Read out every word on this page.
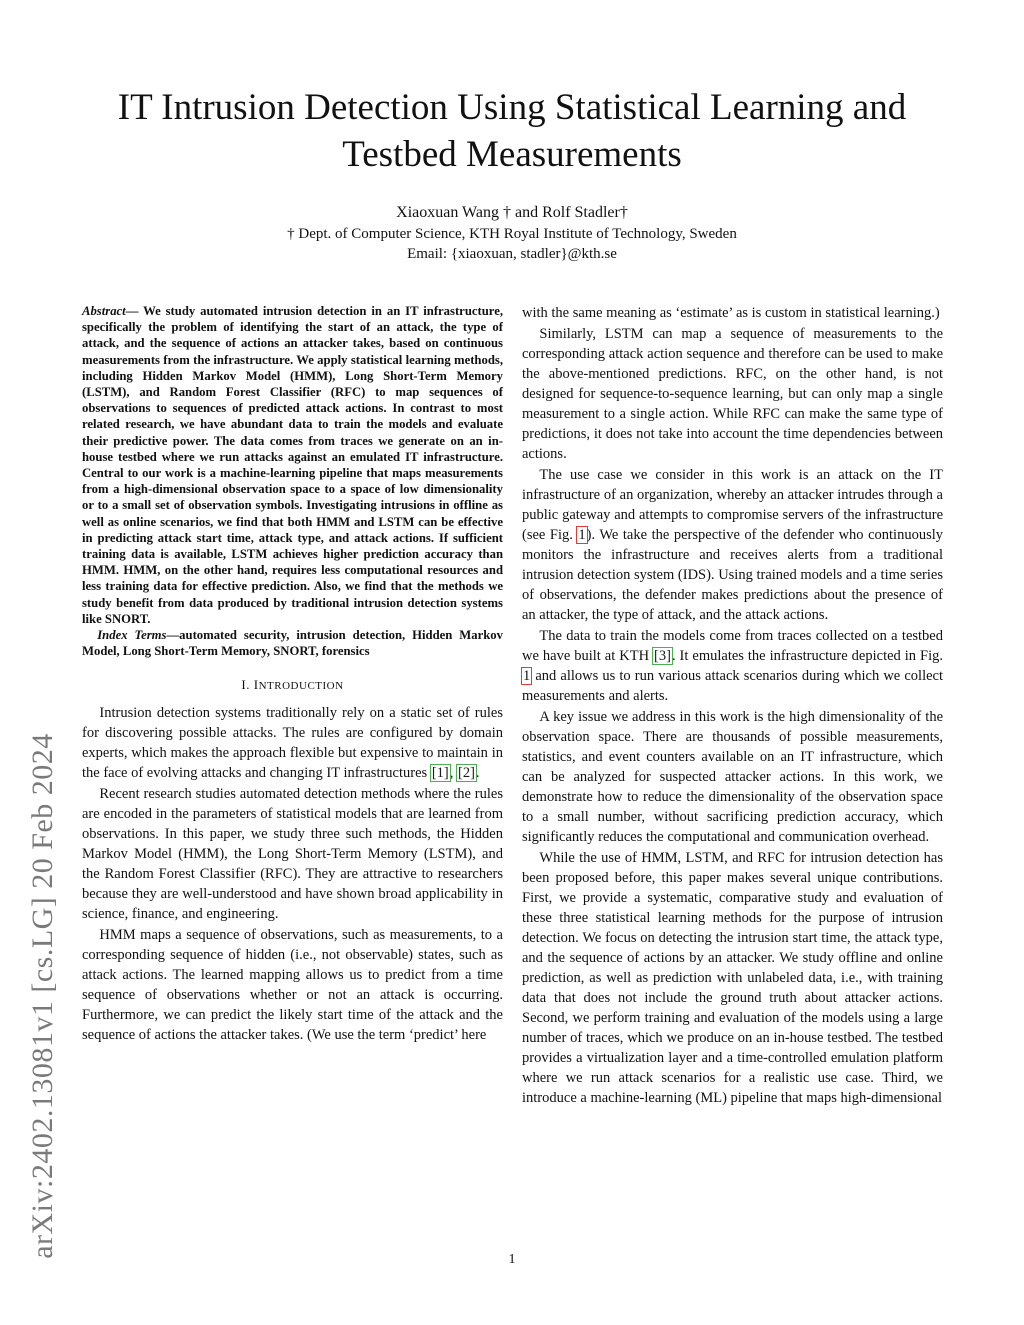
arXiv:2402.13081v1 [cs.LG] 20 Feb 2024
IT Intrusion Detection Using Statistical Learning and Testbed Measurements
Xiaoxuan Wang † and Rolf Stadler†
† Dept. of Computer Science, KTH Royal Institute of Technology, Sweden
Email: {xiaoxuan, stadler}@kth.se

Abstract— We study automated intrusion detection in an IT infrastructure, specifically the problem of identifying the start of an attack, the type of attack, and the sequence of actions an attacker takes, based on continuous measurements from the infrastructure. We apply statistical learning methods, including Hidden Markov Model (HMM), Long Short-Term Memory (LSTM), and Random Forest Classifier (RFC) to map sequences of observations to sequences of predicted attack actions. In contrast to most related research, we have abundant data to train the models and evaluate their predictive power. The data comes from traces we generate on an in-house testbed where we run attacks against an emulated IT infrastructure. Central to our work is a machine-learning pipeline that maps measurements from a high-dimensional observation space to a space of low dimensionality or to a small set of observation symbols. Investigating intrusions in offline as well as online scenarios, we find that both HMM and LSTM can be effective in predicting attack start time, attack type, and attack actions. If sufficient training data is available, LSTM achieves higher prediction accuracy than HMM. HMM, on the other hand, requires less computational resources and less training data for effective prediction. Also, we find that the methods we study benefit from data produced by traditional intrusion detection systems like SNORT.

Index Terms—automated security, intrusion detection, Hidden Markov Model, Long Short-Term Memory, SNORT, forensics

I. INTRODUCTION

Intrusion detection systems traditionally rely on a static set of rules for discovering possible attacks. The rules are configured by domain experts, which makes the approach flexible but expensive to maintain in the face of evolving attacks and changing IT infrastructures [1], [2].

Recent research studies automated detection methods where the rules are encoded in the parameters of statistical models that are learned from observations. In this paper, we study three such methods, the Hidden Markov Model (HMM), the Long Short-Term Memory (LSTM), and the Random Forest Classifier (RFC). They are attractive to researchers because they are well-understood and have shown broad applicability in science, finance, and engineering.

HMM maps a sequence of observations, such as measurements, to a corresponding sequence of hidden (i.e., not observable) states, such as attack actions. The learned mapping allows us to predict from a time sequence of observations whether or not an attack is occurring. Furthermore, we can predict the likely start time of the attack and the sequence of actions the attacker takes. (We use the term ‘predict’ here

with the same meaning as ‘estimate’ as is custom in statistical learning.)

Similarly, LSTM can map a sequence of measurements to the corresponding attack action sequence and therefore can be used to make the above-mentioned predictions. RFC, on the other hand, is not designed for sequence-to-sequence learning, but can only map a single measurement to a single action. While RFC can make the same type of predictions, it does not take into account the time dependencies between actions.

The use case we consider in this work is an attack on the IT infrastructure of an organization, whereby an attacker intrudes through a public gateway and attempts to compromise servers of the infrastructure (see Fig. 1). We take the perspective of the defender who continuously monitors the infrastructure and receives alerts from a traditional intrusion detection system (IDS). Using trained models and a time series of observations, the defender makes predictions about the presence of an attacker, the type of attack, and the attack actions.

The data to train the models come from traces collected on a testbed we have built at KTH [3]. It emulates the infrastructure depicted in Fig. 1 and allows us to run various attack scenarios during which we collect measurements and alerts.

A key issue we address in this work is the high dimensionality of the observation space. There are thousands of possible measurements, statistics, and event counters available on an IT infrastructure, which can be analyzed for suspected attacker actions. In this work, we demonstrate how to reduce the dimensionality of the observation space to a small number, without sacrificing prediction accuracy, which significantly reduces the computational and communication overhead.

While the use of HMM, LSTM, and RFC for intrusion detection has been proposed before, this paper makes several unique contributions. First, we provide a systematic, comparative study and evaluation of these three statistical learning methods for the purpose of intrusion detection. We focus on detecting the intrusion start time, the attack type, and the sequence of actions by an attacker. We study offline and online prediction, as well as prediction with unlabeled data, i.e., with training data that does not include the ground truth about attacker actions. Second, we perform training and evaluation of the models using a large number of traces, which we produce on an in-house testbed. The testbed provides a virtualization layer and a time-controlled emulation platform where we run attack scenarios for a realistic use case. Third, we introduce a machine-learning (ML) pipeline that maps high-dimensional

1
